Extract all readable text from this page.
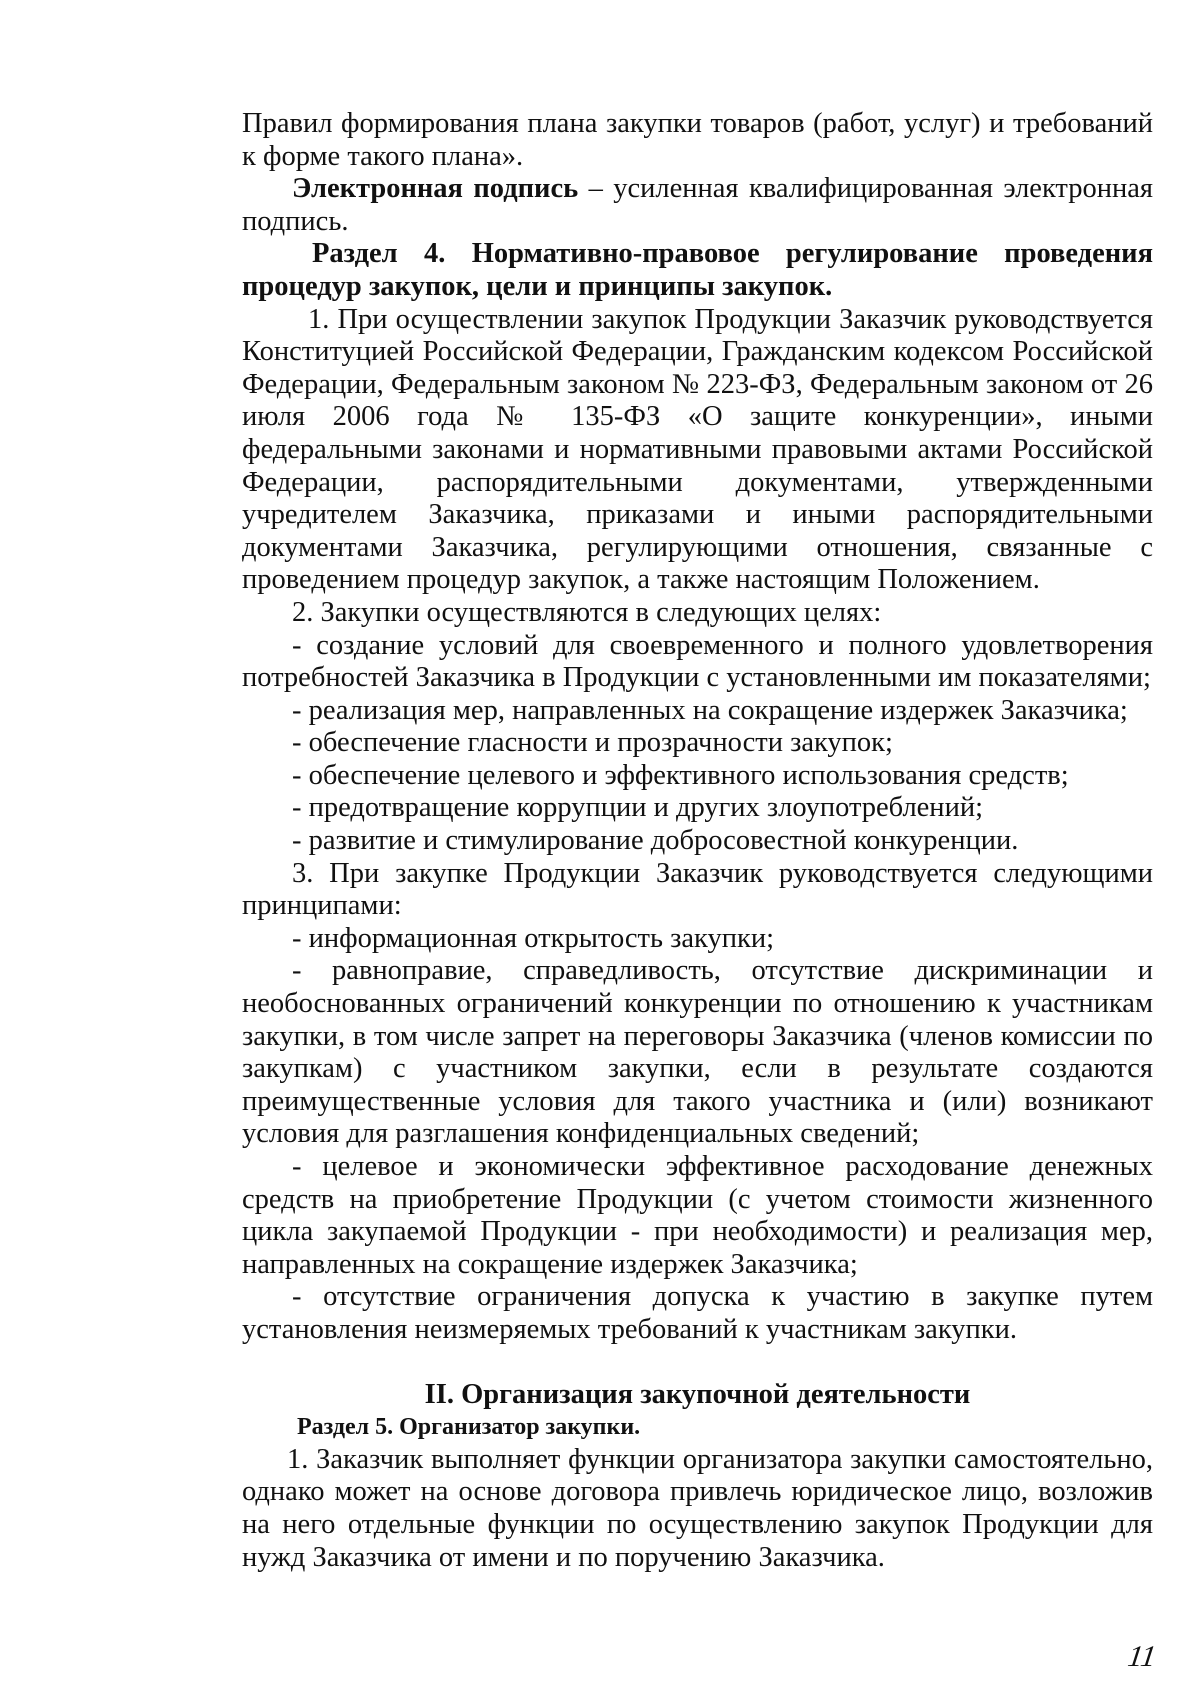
Правил формирования плана закупки товаров (работ, услуг) и требований к форме такого плана».

Электронная подпись – усиленная квалифицированная электронная подпись.

Раздел 4. Нормативно-правовое регулирование проведения процедур закупок, цели и принципы закупок.

1. При осуществлении закупок Продукции Заказчик руководствуется Конституцией Российской Федерации, Гражданским кодексом Российской Федерации, Федеральным законом № 223-ФЗ, Федеральным законом от 26 июля 2006 года № 135-ФЗ «О защите конкуренции», иными федеральными законами и нормативными правовыми актами Российской Федерации, распорядительными документами, утвержденными учредителем Заказчика, приказами и иными распорядительными документами Заказчика, регулирующими отношения, связанные с проведением процедур закупок, а также настоящим Положением.

2. Закупки осуществляются в следующих целях:

- создание условий для своевременного и полного удовлетворения потребностей Заказчика в Продукции с установленными им показателями;

- реализация мер, направленных на сокращение издержек Заказчика;

- обеспечение гласности и прозрачности закупок;

- обеспечение целевого и эффективного использования средств;

- предотвращение коррупции и других злоупотреблений;

- развитие и стимулирование добросовестной конкуренции.

3. При закупке Продукции Заказчик руководствуется следующими принципами:

- информационная открытость закупки;

- равноправие, справедливость, отсутствие дискриминации и необоснованных ограничений конкуренции по отношению к участникам закупки, в том числе запрет на переговоры Заказчика (членов комиссии по закупкам) с участником закупки, если в результате создаются преимущественные условия для такого участника и (или) возникают условия для разглашения конфиденциальных сведений;

- целевое и экономически эффективное расходование денежных средств на приобретение Продукции (с учетом стоимости жизненного цикла закупаемой Продукции - при необходимости) и реализация мер, направленных на сокращение издержек Заказчика;

- отсутствие ограничения допуска к участию в закупке путем установления неизмеряемых требований к участникам закупки.

II. Организация закупочной деятельности

Раздел 5. Организатор закупки.

1. Заказчик выполняет функции организатора закупки самостоятельно, однако может на основе договора привлечь юридическое лицо, возложив на него отдельные функции по осуществлению закупок Продукции для нужд Заказчика от имени и по поручению Заказчика.

11
